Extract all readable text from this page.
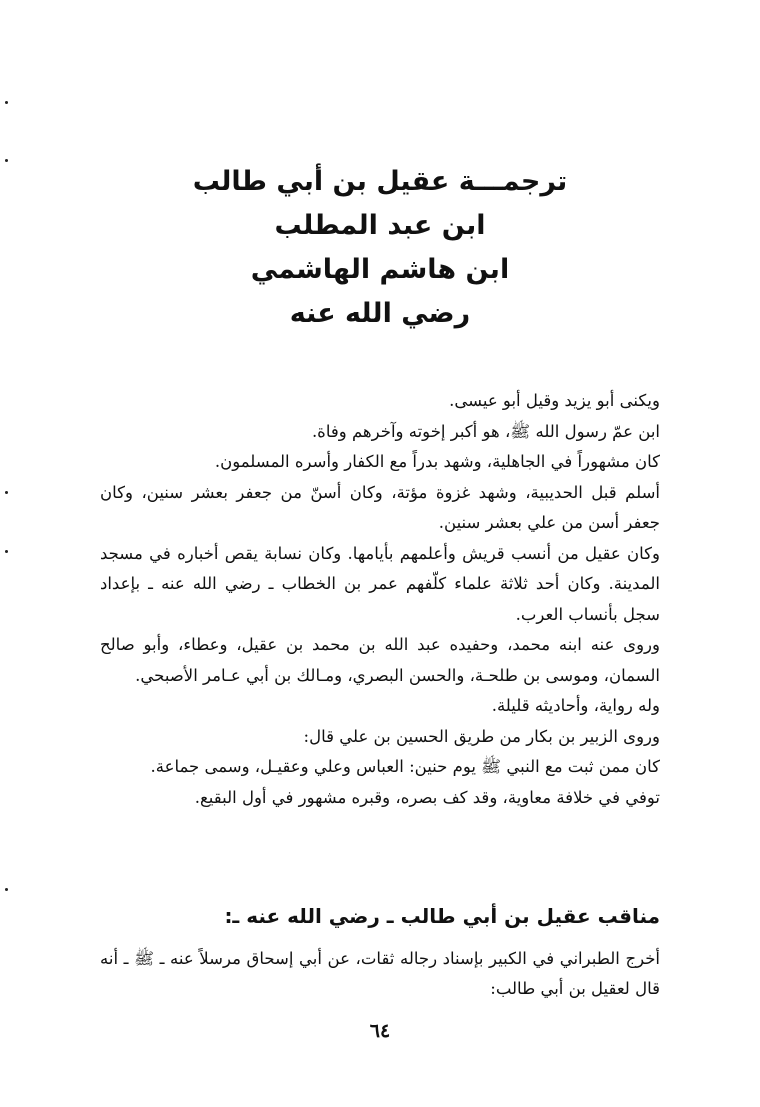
ترجمـــة عقيل بن أبي طالب

ابن عبد المطلب

ابن هاشم الهاشمي

رضي الله عنه

ويكنى أبو يزيد وقيل أبو عيسى.

ابن عمّ رسول الله ﷺ، هو أكبر إخوته وآخرهم وفاة.

كان مشهوراً في الجاهلية، وشهد بدراً مع الكفار وأسره المسلمون.

أسلم قبل الحديبية، وشهد غزوة مؤتة، وكان أسنّ من جعفر بعشر سنين، وكان جعفر أسن من علي بعشر سنين.

وكان عقيل من أنسب قريش وأعلمهم بأيامها. وكان نسابة يقص أخباره في مسجد المدينة. وكان أحد ثلاثة علماء كلّفهم عمر بن الخطاب ـ رضي الله عنه ـ بإعداد سجل بأنساب العرب.

وروى عنه ابنه محمد، وحفيده عبد الله بن محمد بن عقيل، وعطاء، وأبو صالح السمان، وموسى بن طلحـة، والحسن البصري، ومـالك بن أبي عـامر الأصبحي.

وله رواية، وأحاديثه قليلة.

وروى الزبير بن بكار من طريق الحسين بن علي قال:

كان ممن ثبت مع النبي ﷺ يوم حنين: العباس وعلي وعقيـل، وسمى جماعة.

توفي في خلافة معاوية، وقد كف بصره، وقبره مشهور في أول البقيع.

مناقب عقيل بن أبي طالب ـ رضي الله عنه ـ:

أخرج الطبراني في الكبير بإسناد رجاله ثقات، عن أبي إسحاق مرسلاً عنه ـ ﷺ ـ أنه قال لعقيل بن أبي طالب:

٦٤
